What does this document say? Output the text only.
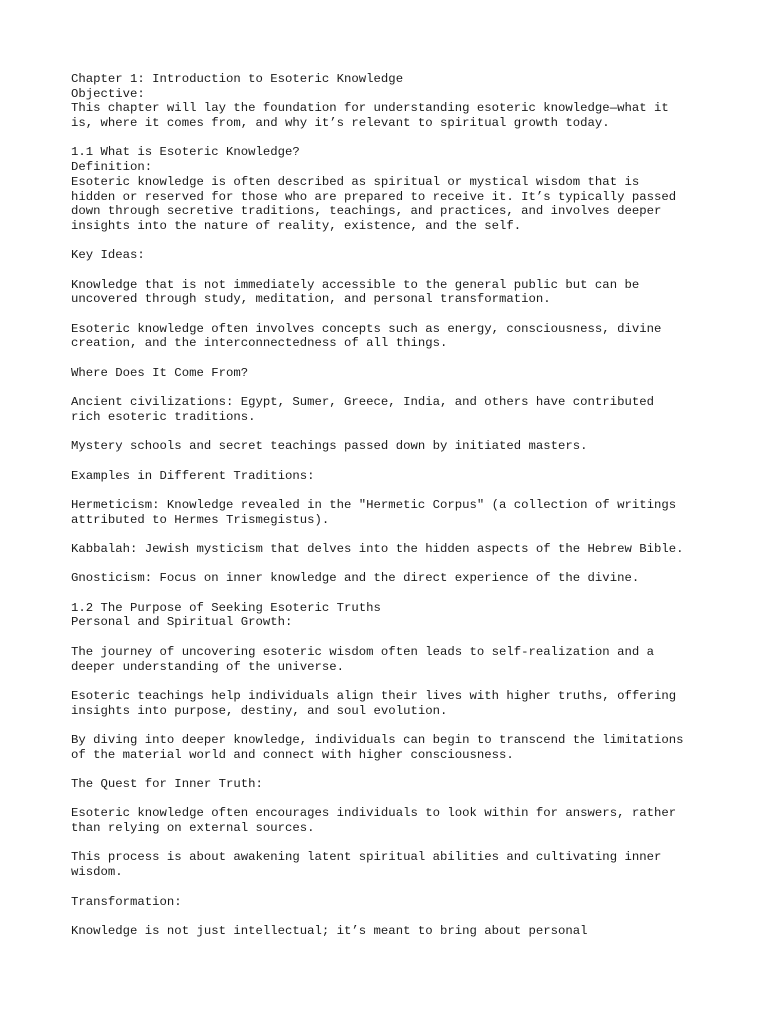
Chapter 1: Introduction to Esoteric Knowledge
Objective:
This chapter will lay the foundation for understanding esoteric knowledge—what it
is, where it comes from, and why it’s relevant to spiritual growth today.
1.1 What is Esoteric Knowledge?
Definition:
Esoteric knowledge is often described as spiritual or mystical wisdom that is
hidden or reserved for those who are prepared to receive it. It’s typically passed
down through secretive traditions, teachings, and practices, and involves deeper
insights into the nature of reality, existence, and the self.
Key Ideas:
Knowledge that is not immediately accessible to the general public but can be
uncovered through study, meditation, and personal transformation.
Esoteric knowledge often involves concepts such as energy, consciousness, divine
creation, and the interconnectedness of all things.
Where Does It Come From?
Ancient civilizations: Egypt, Sumer, Greece, India, and others have contributed
rich esoteric traditions.
Mystery schools and secret teachings passed down by initiated masters.
Examples in Different Traditions:
Hermeticism: Knowledge revealed in the "Hermetic Corpus" (a collection of writings
attributed to Hermes Trismegistus).
Kabbalah: Jewish mysticism that delves into the hidden aspects of the Hebrew Bible.
Gnosticism: Focus on inner knowledge and the direct experience of the divine.
1.2 The Purpose of Seeking Esoteric Truths
Personal and Spiritual Growth:
The journey of uncovering esoteric wisdom often leads to self-realization and a
deeper understanding of the universe.
Esoteric teachings help individuals align their lives with higher truths, offering
insights into purpose, destiny, and soul evolution.
By diving into deeper knowledge, individuals can begin to transcend the limitations
of the material world and connect with higher consciousness.
The Quest for Inner Truth:
Esoteric knowledge often encourages individuals to look within for answers, rather
than relying on external sources.
This process is about awakening latent spiritual abilities and cultivating inner
wisdom.
Transformation:
Knowledge is not just intellectual; it’s meant to bring about personal
